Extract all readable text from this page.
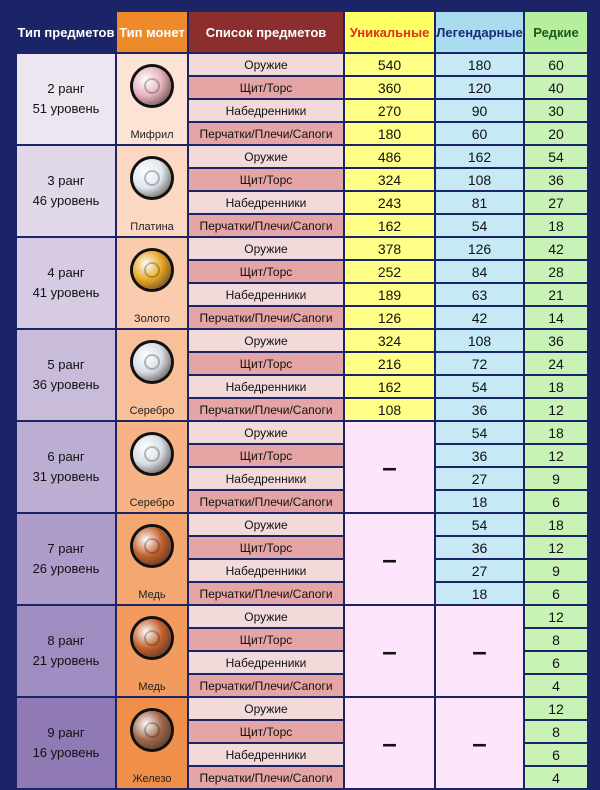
Тип предметов	Тип монет	Список предметов	Уникальные	Легендарные	Редкие

2 ранг
51 уровень	Мифрил	Оружие	540	180	60
		Щит/Торс	360	120	40
		Набедренники	270	90	30
		Перчатки/Плечи/Сапоги	180	60	20

3 ранг
46 уровень	Платина	Оружие	486	162	54
		Щит/Торс	324	108	36
		Набедренники	243	81	27
		Перчатки/Плечи/Сапоги	162	54	18

4 ранг
41 уровень	Золото	Оружие	378	126	42
		Щит/Торс	252	84	28
		Набедренники	189	63	21
		Перчатки/Плечи/Сапоги	126	42	14

5 ранг
36 уровень	Серебро	Оружие	324	108	36
		Щит/Торс	216	72	24
		Набедренники	162	54	18
		Перчатки/Плечи/Сапоги	108	36	12

6 ранг
31 уровень	Серебро	Оружие	–	54	18
		Щит/Торс		36	12
		Набедренники		27	9
		Перчатки/Плечи/Сапоги		18	6

7 ранг
26 уровень	Медь	Оружие	–	54	18
		Щит/Торс		36	12
		Набедренники		27	9
		Перчатки/Плечи/Сапоги		18	6

8 ранг
21 уровень	Медь	Оружие	–	–	12
		Щит/Торс			8
		Набедренники			6
		Перчатки/Плечи/Сапоги			4

9 ранг
16 уровень	Железо	Оружие	–	–	12
		Щит/Торс			8
		Набедренники			6
		Перчатки/Плечи/Сапоги			4
